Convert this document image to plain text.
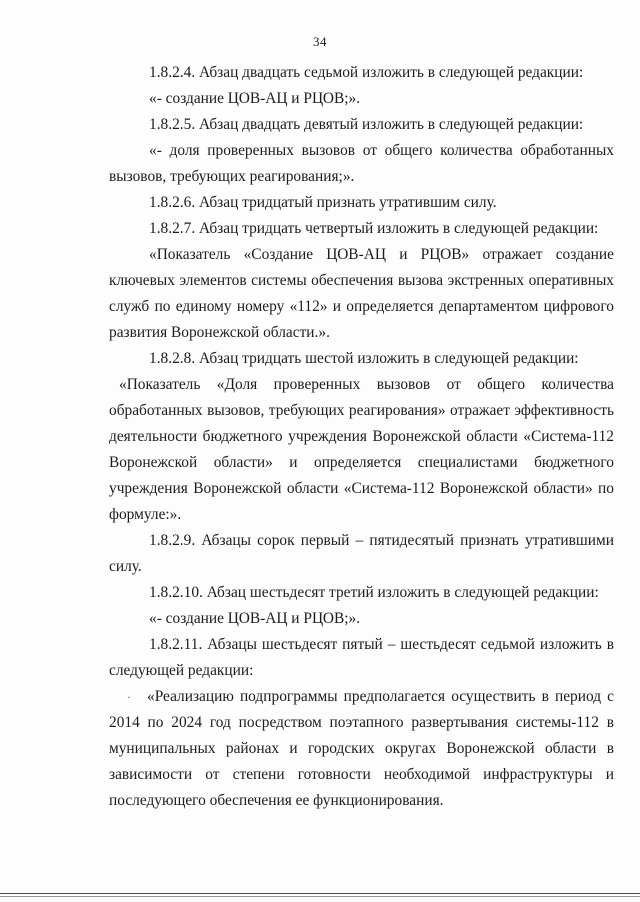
34

1.8.2.4. Абзац двадцать седьмой изложить в следующей редакции:

«- создание ЦОВ-АЦ и РЦОВ;».

1.8.2.5. Абзац двадцать девятый изложить в следующей редакции:

«- доля проверенных вызовов от общего количества обработанных вызовов, требующих реагирования;».

1.8.2.6. Абзац тридцатый признать утратившим силу.

1.8.2.7. Абзац тридцать четвертый изложить в следующей редакции:

«Показатель «Создание ЦОВ-АЦ и РЦОВ» отражает создание ключевых элементов системы обеспечения вызова экстренных оперативных служб по единому номеру «112» и определяется департаментом цифрового развития Воронежской области.».

1.8.2.8. Абзац тридцать шестой изложить в следующей редакции:

«Показатель «Доля проверенных вызовов от общего количества обработанных вызовов, требующих реагирования» отражает эффективность деятельности бюджетного учреждения Воронежской области «Система-112 Воронежской области» и определяется специалистами бюджетного учреждения Воронежской области «Система-112 Воронежской области» по формуле:».

1.8.2.9. Абзацы сорок первый – пятидесятый признать утратившими силу.

1.8.2.10. Абзац шестьдесят третий изложить в следующей редакции:

«- создание ЦОВ-АЦ и РЦОВ;».

1.8.2.11. Абзацы шестьдесят пятый – шестьдесят седьмой изложить в следующей редакции:

· «Реализацию подпрограммы предполагается осуществить в период с 2014 по 2024 год посредством поэтапного развертывания системы-112 в муниципальных районах и городских округах Воронежской области в зависимости от степени готовности необходимой инфраструктуры и последующего обеспечения ее функционирования.
